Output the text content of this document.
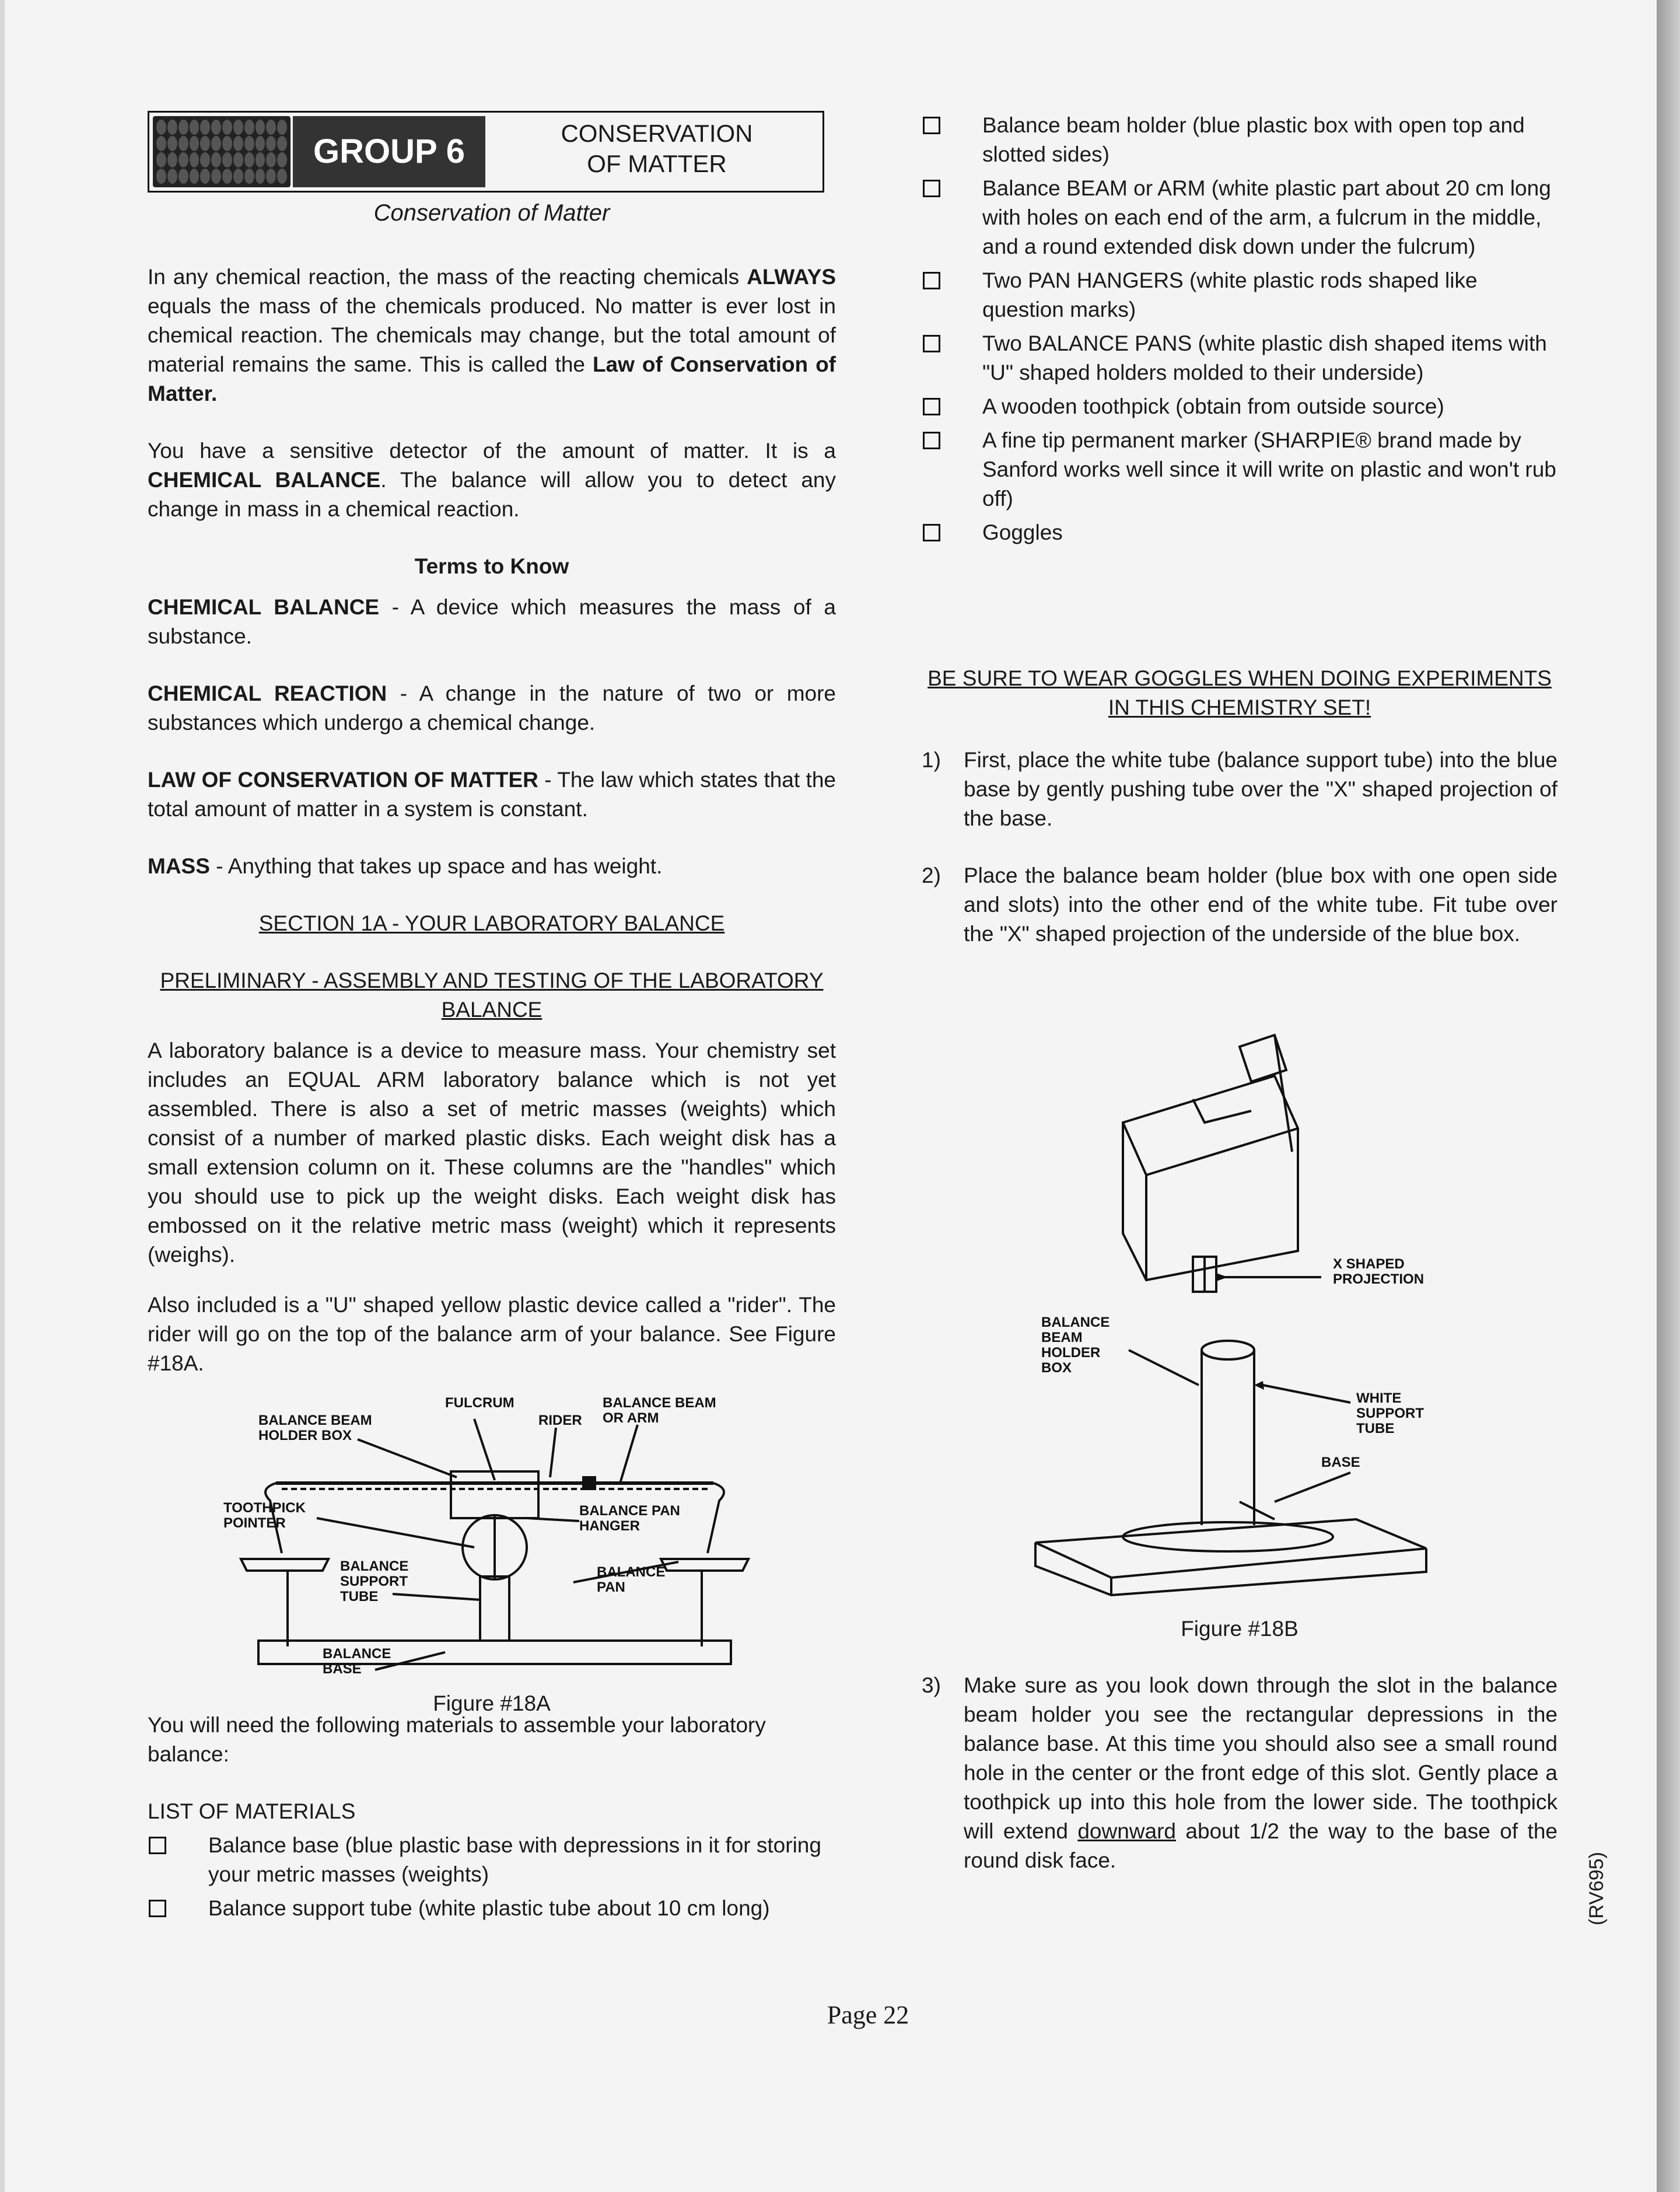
GROUP 6	CONSERVATION
OF MATTER
Conservation of Matter

In any chemical reaction, the mass of the reacting chemicals ALWAYS equals the mass of the chemicals produced. No matter is ever lost in chemical reaction. The chemicals may change, but the total amount of material remains the same. This is called the Law of Conservation of Matter.

You have a sensitive detector of the amount of matter. It is a CHEMICAL BALANCE. The balance will allow you to detect any change in mass in a chemical reaction.

Terms to Know

CHEMICAL BALANCE - A device which measures the mass of a substance.

CHEMICAL REACTION - A change in the nature of two or more substances which undergo a chemical change.

LAW OF CONSERVATION OF MATTER - The law which states that the total amount of matter in a system is constant.

MASS - Anything that takes up space and has weight.

SECTION 1A - YOUR LABORATORY BALANCE
PRELIMINARY - ASSEMBLY AND TESTING OF THE LABORATORY BALANCE

A laboratory balance is a device to measure mass. Your chemistry set includes an EQUAL ARM laboratory balance which is not yet assembled. There is also a set of metric masses (weights) which consist of a number of marked plastic disks. Each weight disk has a small extension column on it. These columns are the "handles" which you should use to pick up the weight disks. Each weight disk has embossed on it the relative metric mass (weight) which it represents (weighs).

Also included is a "U" shaped yellow plastic device called a "rider". The rider will go on the top of the balance arm of your balance. See Figure #18A.

BALANCE BEAM HOLDER BOX
FULCRUM	BALANCE BEAM OR ARM
RIDER
TOOTHPICK POINTER
BALANCE PAN HANGER
BALANCE SUPPORT TUBE
BALANCE PAN
BALANCE BASE
Figure #18A

You will need the following materials to assemble your laboratory balance:

LIST OF MATERIALS
Balance base (blue plastic base with depressions in it for storing your metric masses (weights)
Balance support tube (white plastic tube about 10 cm long)
Balance beam holder (blue plastic box with open top and slotted sides)
Balance BEAM or ARM (white plastic part about 20 cm long with holes on each end of the arm, a fulcrum in the middle, and a round extended disk down under the fulcrum)
Two PAN HANGERS (white plastic rods shaped like question marks)
Two BALANCE PANS (white plastic dish shaped items with "U" shaped holders molded to their underside)
A wooden toothpick (obtain from outside source)
A fine tip permanent marker (SHARPIE® brand made by Sanford works well since it will write on plastic and won't rub off)
Goggles
BE SURE TO WEAR GOGGLES WHEN DOING EXPERIMENTS IN THIS CHEMISTRY SET!
1) First, place the white tube (balance support tube) into the blue base by gently pushing tube over the "X" shaped projection of the base.
2) Place the balance beam holder (blue box with one open side and slots) into the other end of the white tube. Fit tube over the "X" shaped projection of the underside of the blue box.
X SHAPED PROJECTION
BALANCE BEAM HOLDER BOX
WHITE SUPPORT TUBE
BASE
Figure #18B
3) Make sure as you look down through the slot in the balance beam holder you see the rectangular depressions in the balance base. At this time you should also see a small round hole in the center or the front edge of this slot. Gently place a toothpick up into this hole from the lower side. The toothpick will extend downward about 1/2 the way to the base of the round disk face.
Page 22
(RV695)
